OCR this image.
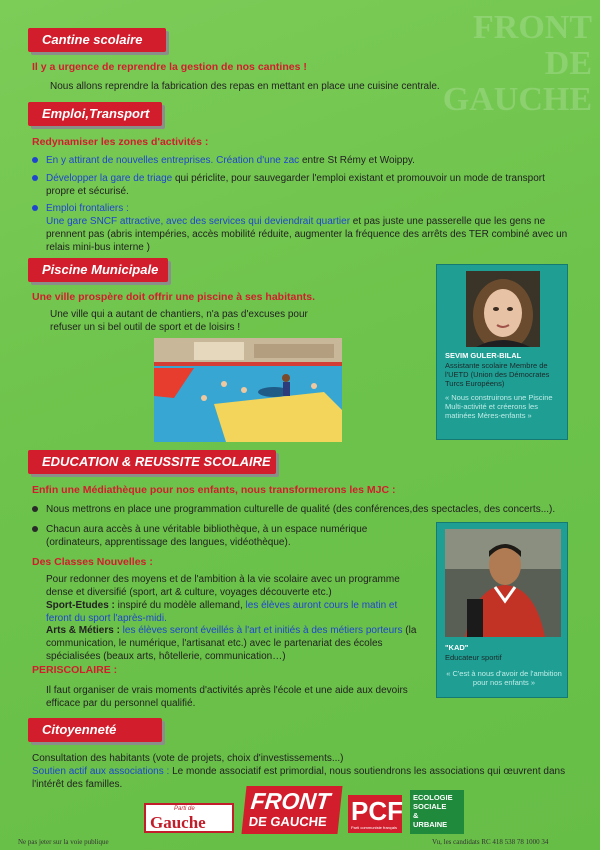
FRONT DE GAUCHE
Cantine scolaire
Il y a urgence de reprendre la gestion de nos cantines !
Nous allons reprendre la fabrication des repas en mettant en place une cuisine centrale.
Emploi,Transport
Redynamiser les zones d'activités :
En y attirant de nouvelles entreprises. Création d'une zac entre St Rémy et Woippy.
Développer la gare de triage qui périclite, pour sauvegarder l'emploi existant et promouvoir un mode de transport propre et sécurisé.
Emploi frontaliers :
Une gare SNCF attractive, avec des services qui deviendrait quartier et pas juste une passerelle que les gens ne prennent pas (abris intempéries, accès mobilité réduite, augmenter la fréquence des arrêts des TER combiné avec un relais mini-bus interne )
Piscine Municipale
Une ville prospère doit offrir une piscine à ses habitants.
Une ville qui a autant de chantiers, n'a pas d'excuses pour refuser un si bel outil de sport et de loisirs !
SEVIM GULER-BILAL
Assistante scolaire Membre de l'UETD (Union des Démocrates Turcs Européens)
« Nous construirons une Piscine Multi-activité et créerons les matinées Mères-enfants »
EDUCATION & REUSSITE SCOLAIRE
Enfin une Médiathèque pour nos enfants, nous transformerons les MJC :
Nous mettrons en place une programmation culturelle de qualité (des conférences,des spectacles, des concerts...).
Chacun aura accès à une véritable bibliothèque, à un espace numérique (ordinateurs, apprentissage des langues, vidéothèque).
Des Classes Nouvelles :
Pour redonner des moyens et de l'ambition à la vie scolaire avec un programme dense et diversifié (sport, art & culture, voyages découverte etc.)
Sport-Etudes : inspiré du modèle allemand, les élèves auront cours le matin et feront du sport l'après-midi.
Arts & Métiers : les élèves seront éveillés à l'art et initiés à des métiers porteurs (la communication, le numérique, l'artisanat etc.) avec le partenariat des écoles spécialisées (beaux arts, hôtellerie, communication…)
PERISCOLAIRE :
Il faut organiser de vrais moments d'activités après l'école et une aide aux devoirs efficace par du personnel qualifié.
"KAD"
Educateur sportif
« C'est à nous d'avoir de l'ambition pour nos enfants »
Citoyenneté
Consultation des habitants (vote de projets, choix d'investissements...)
Soutien actif aux associations : Le monde associatif est primordial, nous soutiendrons les associations qui œuvrent dans l'intérêt des familles.
Parti de
Gauche
FRONT
DE GAUCHE PCF
Parti communiste français
ECOLOGIE
SOCIALE
&
URBAINE
Ne pas jeter sur la voie publique	Vu, les candidats RC 418 538 78 1000 34
